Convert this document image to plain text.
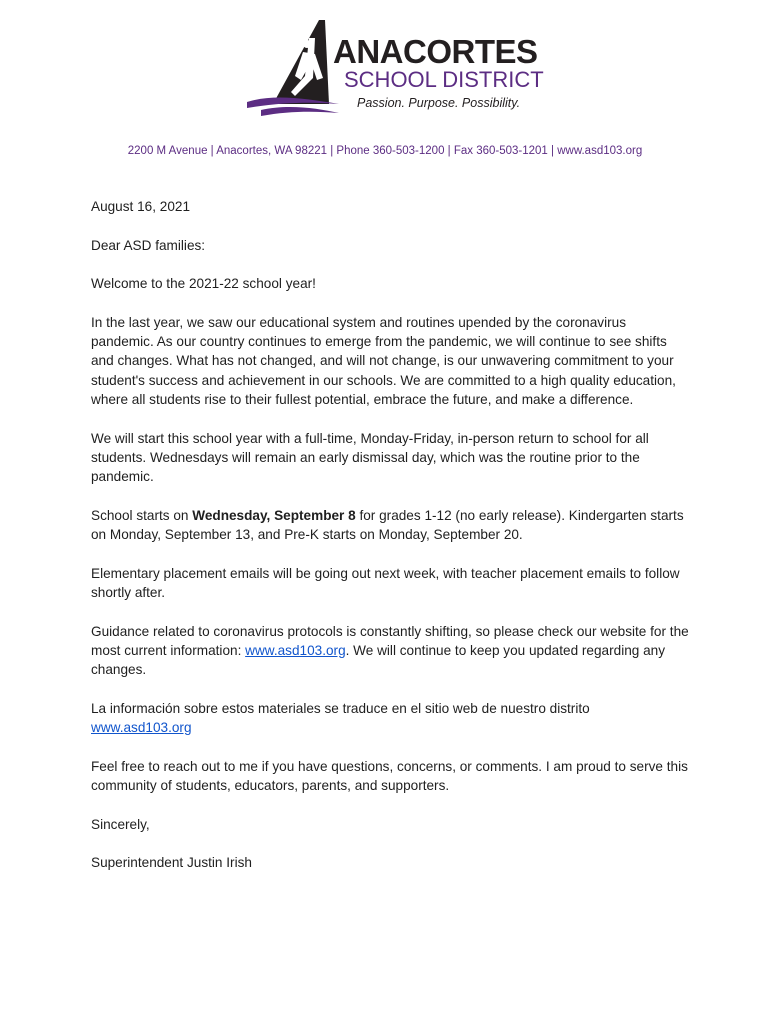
ANACORTES
SCHOOL DISTRICT
Passion. Purpose. Possibility.
2200 M Avenue | Anacortes, WA 98221 | Phone 360-503-1200 | Fax 360-503-1201 | www.asd103.org

August 16, 2021

Dear ASD families:

Welcome to the 2021-22 school year!

In the last year, we saw our educational system and routines upended by the coronavirus pandemic. As our country continues to emerge from the pandemic, we will continue to see shifts and changes. What has not changed, and will not change, is our unwavering commitment to your student's success and achievement in our schools. We are committed to a high quality education, where all students rise to their fullest potential, embrace the future, and make a difference.

We will start this school year with a full-time, Monday-Friday, in-person return to school for all students. Wednesdays will remain an early dismissal day, which was the routine prior to the pandemic.

School starts on Wednesday, September 8 for grades 1-12 (no early release). Kindergarten starts on Monday, September 13, and Pre-K starts on Monday, September 20.

Elementary placement emails will be going out next week, with teacher placement emails to follow shortly after.

Guidance related to coronavirus protocols is constantly shifting, so please check our website for the most current information: www.asd103.org. We will continue to keep you updated regarding any changes.

La información sobre estos materiales se traduce en el sitio web de nuestro distrito
www.asd103.org

Feel free to reach out to me if you have questions, concerns, or comments. I am proud to serve this community of students, educators, parents, and supporters.

Sincerely,

Superintendent Justin Irish
